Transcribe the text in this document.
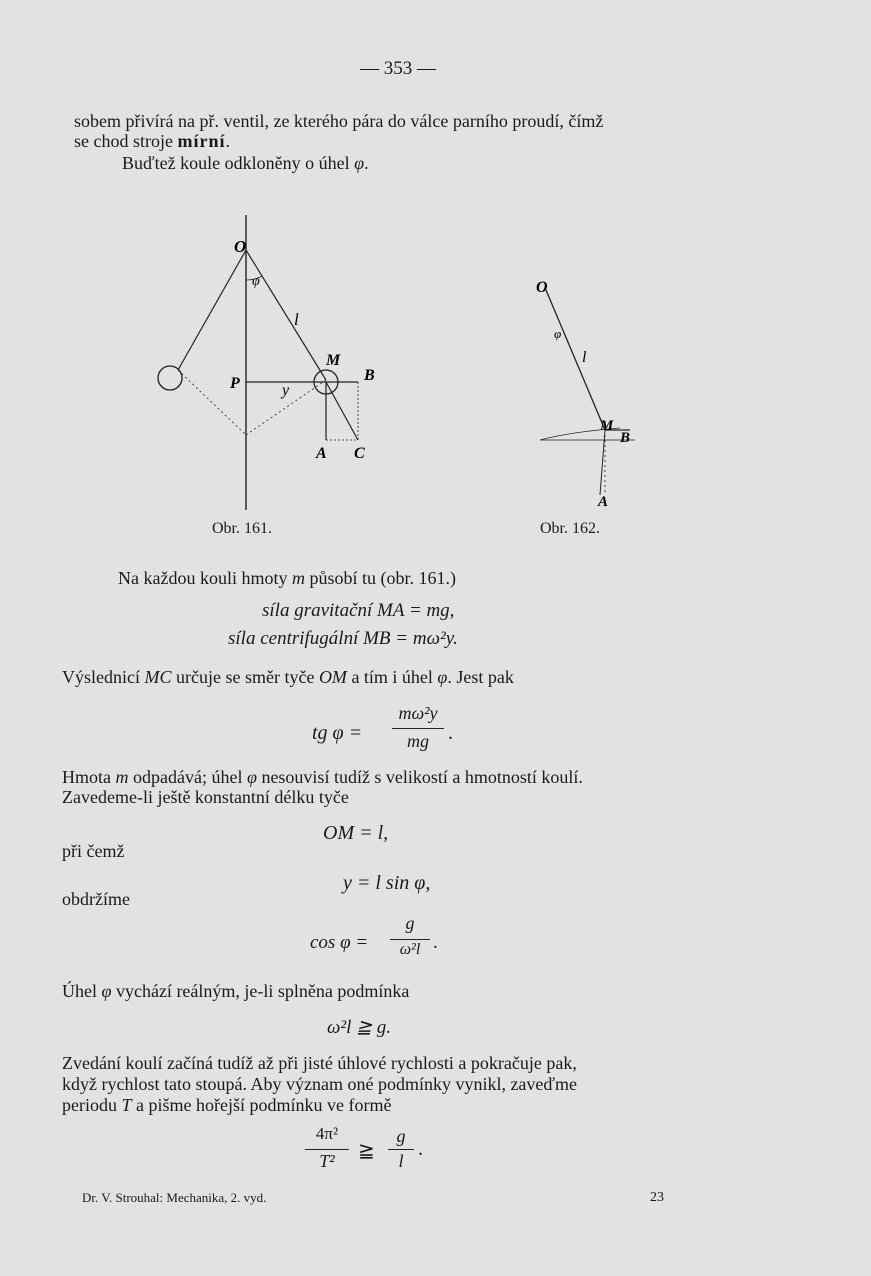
— 353 —
sobem přivírá na př. ventil, ze kterého pára do válce parního proudí, čímž
se chod stroje mírní.
Buďtež koule odkloněny o úhel φ.
O
φ
l
M
B
P	y
A C
Obr. 161.
O
φ
l
M
B
A
Obr. 162.
Na každou kouli hmoty m působí tu (obr. 161.)
síla gravitační MA = mg,
síla centrifugální MB = mω²y.
Výslednicí MC určuje se směr tyče OM a tím i úhel φ. Jest pak
tg φ =
mω²y
mg .
Hmota m odpadává; úhel φ nesouvisí tudíž s velikostí a hmotností koulí.
Zavedeme-li ještě konstantní délku tyče
OM = l,
při čemž
y = l sin φ,
obdržíme
cos φ =
g
ω²l .
Úhel φ vychází reálným, je-li splněna podmínka
ω²l ≧ g.
Zvedání koulí začíná tudíž až při jisté úhlové rychlosti a pokračuje pak,
když rychlost tato stoupá. Aby význam oné podmínky vynikl, zaveďme
periodu T a pišme hořejší podmínku ve formě
4π²
T²	≧
g
l
.
Dr. V. Strouhal: Mechanika, 2. vyd.	23
